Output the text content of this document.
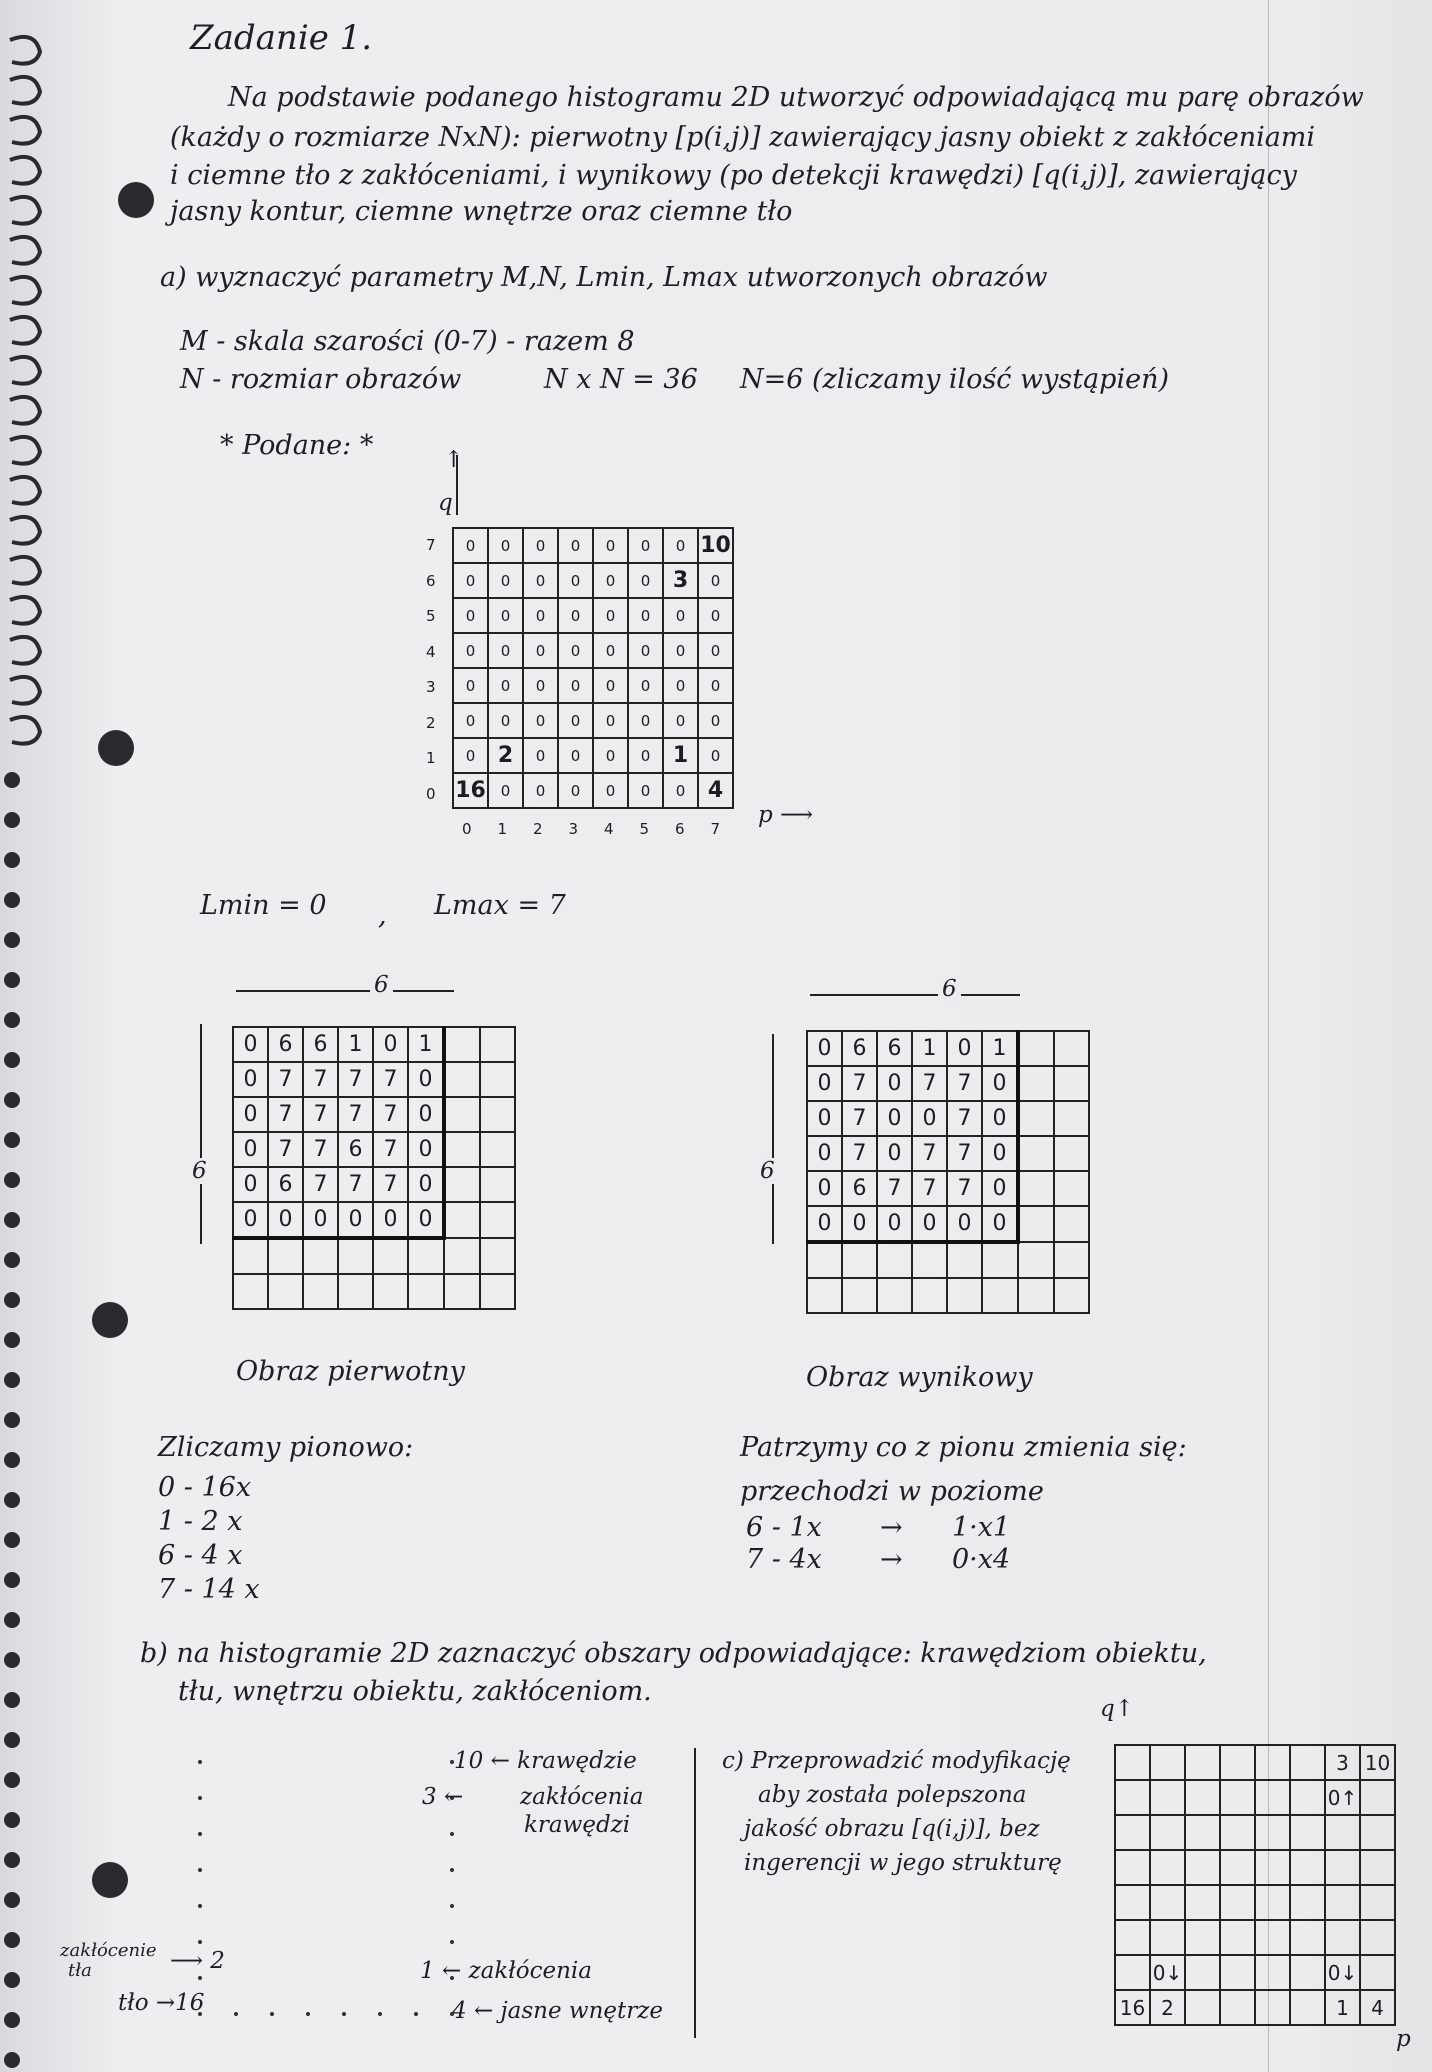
Zadanie 1.
Na podstawie podanego histogramu 2D utworzyć odpowiadającą mu parę obrazów
(każdy o rozmiarze NxN): pierwotny [p(i,j)] zawierający jasny obiekt z zakłóceniami
i ciemne tło z zakłóceniami, i wynikowy (po detekcji krawędzi) [q(i,j)], zawierający
jasny kontur, ciemne wnętrze oraz ciemne tło
a) wyznaczyć parametry M,N, Lmin, Lmax utworzonych obrazów
M - skala szarości (0-7) - razem 8
N - rozmiar obrazów	N x N = 36 N=6 (zliczamy ilość wystąpień)
* Podane: *	↑
q
7
6
5
4
3
2
1
0
0	0	0	0	0	0	0	10
0	0	0	0	0	0	3	0
0	0	0	0	0	0	0	0
0	0	0	0	0	0	0	0
0	0	0	0	0	0	0	0
0	0	0	0	0	0	0	0
0	2	0	0	0	0	1	0
16	0	0	0	0	0	0	4
0 1 2 3 4 5 6 7
p ⟶
Lmin = 0 , Lmax = 7
6
6
0	6	6	1	0	1		
0	7	7	7	7	0		
0	7	7	7	7	0		
0	7	7	6	7	0		
0	6	7	7	7	0		
0	0	0	0	0	0		

Obraz pierwotny
6
6
0	6	6	1	0	1		
0	7	0	7	7	0		
0	7	0	0	7	0		
0	7	0	7	7	0		
0	6	7	7	7	0		
0	0	0	0	0	0		

Obraz wynikowy
Zliczamy pionowo:
0 - 16x
1 - 2 x
6 - 4 x
7 - 14 x
Patrzymy co z pionu zmienia się:
przechodzi w poziome
6 - 1x → 1·x1
7 - 4x → 0·x4
b) na histogramie 2D zaznaczyć obszary odpowiadające: krawędziom obiektu,
tłu, wnętrzu obiektu, zakłóceniom.
10 ← krawędzie
3 ← zakłócenia
krawędzi
zakłócenie
tła	⟶ 2
tło →16
1 ← zakłócenia
4 ← jasne wnętrze
c) Przeprowadzić modyfikację
aby została polepszona
jakość obrazu [q(i,j)], bez
ingerencji w jego strukturę
q↑
						3	10
						0↑	

	0↓					0↓	
16	2					1	4
p
